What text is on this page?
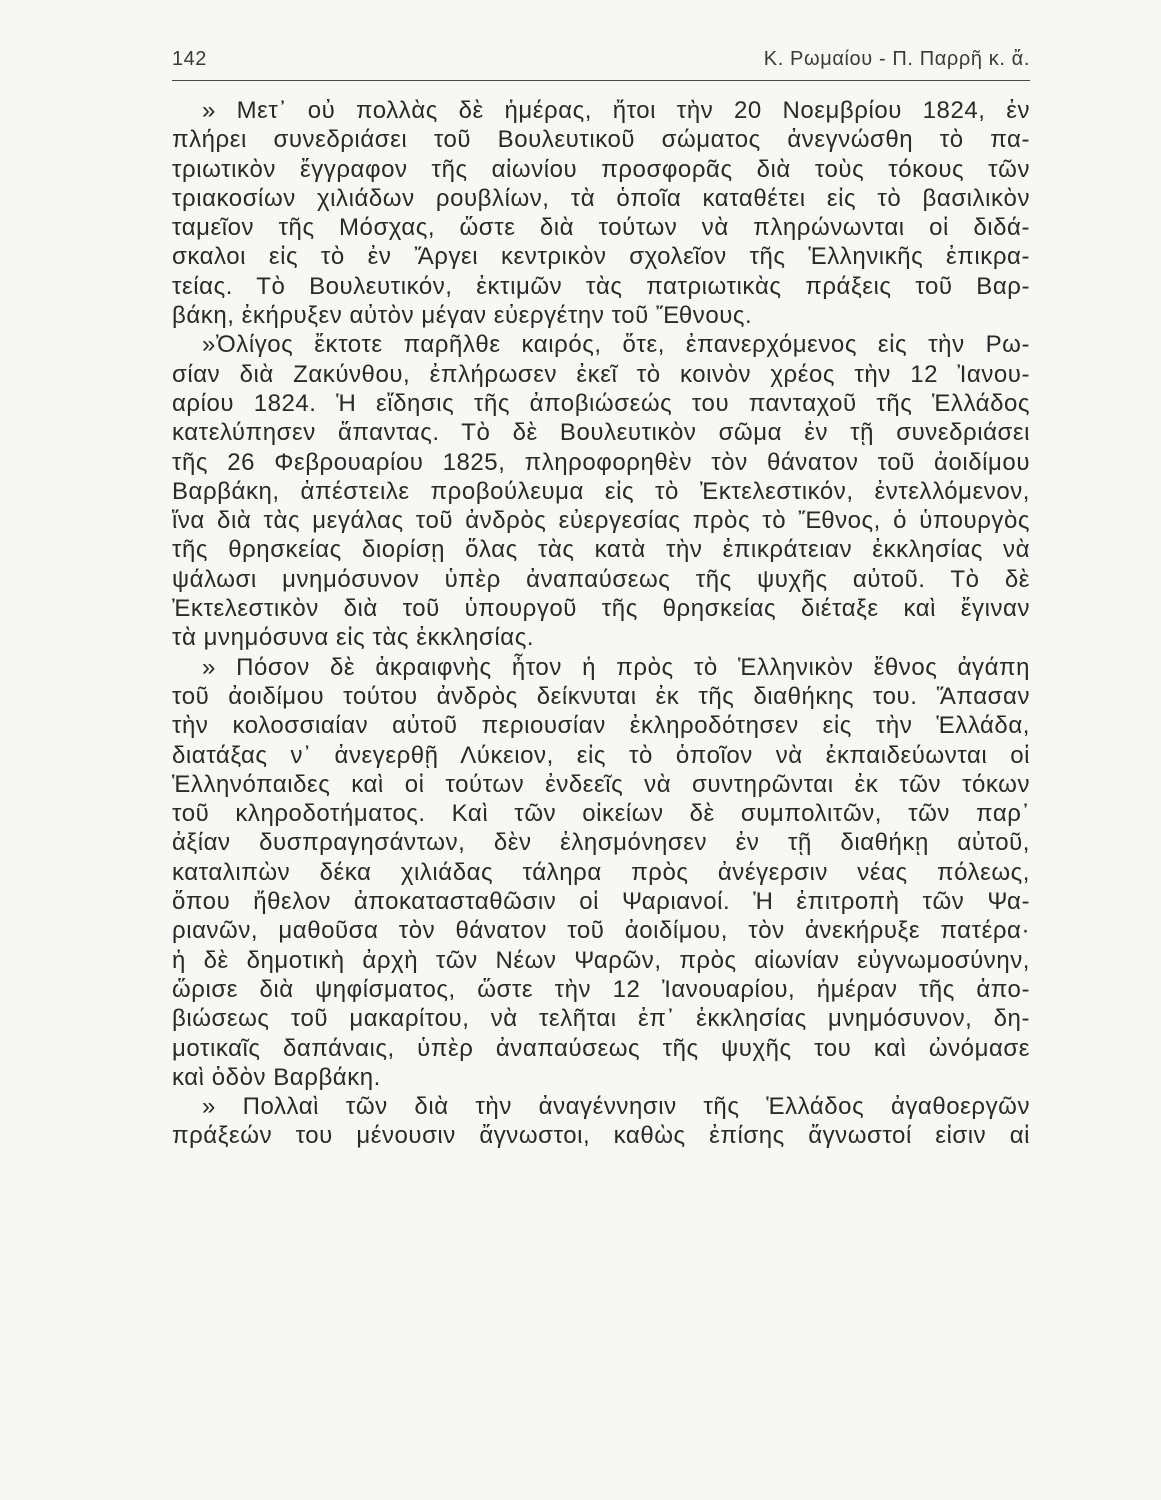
142	Κ. Ρωμαίου - Π. Παρρῆ κ. ἄ.
» Μετ᾿ οὐ πολλὰς δὲ ἡμέρας, ἤτοι τὴν 20 Νοεμβρίου 1824, ἐν
πλήρει συνεδριάσει τοῦ Βουλευτικοῦ σώματος ἀνεγνώσθη τὸ πα-
τριωτικὸν ἔγγραφον τῆς αἰωνίου προσφορᾶς διὰ τοὺς τόκους τῶν
τριακοσίων χιλιάδων ρουβλίων, τὰ ὁποῖα καταθέτει εἰς τὸ βασιλικὸν
ταμεῖον τῆς Μόσχας, ὥστε διὰ τούτων νὰ πληρώνωνται οἱ διδά-
σκαλοι εἰς τὸ ἐν Ἄργει κεντρικὸν σχολεῖον τῆς Ἑλληνικῆς ἐπικρα-
τείας. Τὸ Βουλευτικόν, ἐκτιμῶν τὰς πατριωτικὰς πράξεις τοῦ Βαρ-
βάκη, ἐκήρυξεν αὐτὸν μέγαν εὐεργέτην τοῦ Ἔθνους.
»Ὀλίγος ἔκτοτε παρῆλθε καιρός, ὅτε, ἐπανερχόμενος εἰς τὴν Ρω-
σίαν διὰ Ζακύνθου, ἐπλήρωσεν ἐκεῖ τὸ κοινὸν χρέος τὴν 12 Ἰανου-
αρίου 1824. Ἡ εἴδησις τῆς ἀποβιώσεώς του πανταχοῦ τῆς Ἑλλάδος
κατελύπησεν ἅπαντας. Τὸ δὲ Βουλευτικὸν σῶμα ἐν τῇ συνεδριάσει
τῆς 26 Φεβρουαρίου 1825, πληροφορηθὲν τὸν θάνατον τοῦ ἀοιδίμου
Βαρβάκη, ἀπέστειλε προβούλευμα εἰς τὸ Ἐκτελεστικόν, ἐντελλόμενον,
ἵνα διὰ τὰς μεγάλας τοῦ ἀνδρὸς εὐεργεσίας πρὸς τὸ Ἔθνος, ὁ ὑπουργὸς
τῆς θρησκείας διορίσῃ ὅλας τὰς κατὰ τὴν ἐπικράτειαν ἐκκλησίας νὰ
ψάλωσι μνημόσυνον ὑπὲρ ἀναπαύσεως τῆς ψυχῆς αὐτοῦ. Τὸ δὲ
Ἐκτελεστικὸν διὰ τοῦ ὑπουργοῦ τῆς θρησκείας διέταξε καὶ ἔγιναν
τὰ μνημόσυνα εἰς τὰς ἐκκλησίας.
» Πόσον δὲ ἀκραιφνὴς ἦτον ἡ πρὸς τὸ Ἑλληνικὸν ἔθνος ἀγάπη
τοῦ ἀοιδίμου τούτου ἀνδρὸς δείκνυται ἐκ τῆς διαθήκης του. Ἅπασαν
τὴν κολοσσιαίαν αὐτοῦ περιουσίαν ἐκληροδότησεν εἰς τὴν Ἑλλάδα,
διατάξας ν᾿ ἀνεγερθῇ Λύκειον, εἰς τὸ ὁποῖον νὰ ἐκπαιδεύωνται οἱ
Ἑλληνόπαιδες καὶ οἱ τούτων ἐνδεεῖς νὰ συντηρῶνται ἐκ τῶν τόκων
τοῦ κληροδοτήματος. Καὶ τῶν οἰκείων δὲ συμπολιτῶν, τῶν παρ᾿
ἀξίαν δυσπραγησάντων, δὲν ἐλησμόνησεν ἐν τῇ διαθήκῃ αὐτοῦ,
καταλιπὼν δέκα χιλιάδας τάληρα πρὸς ἀνέγερσιν νέας πόλεως,
ὅπου ἤθελον ἀποκατασταθῶσιν οἱ Ψαριανοί. Ἡ ἐπιτροπὴ τῶν Ψα-
ριανῶν, μαθοῦσα τὸν θάνατον τοῦ ἀοιδίμου, τὸν ἀνεκήρυξε πατέρα·
ἡ δὲ δημοτικὴ ἀρχὴ τῶν Νέων Ψαρῶν, πρὸς αἰωνίαν εὐγνωμοσύνην,
ὥρισε διὰ ψηφίσματος, ὥστε τὴν 12 Ἰανουαρίου, ἡμέραν τῆς ἀπο-
βιώσεως τοῦ μακαρίτου, νὰ τελῆται ἐπ᾿ ἐκκλησίας μνημόσυνον, δη-
μοτικαῖς δαπάναις, ὑπὲρ ἀναπαύσεως τῆς ψυχῆς του καὶ ὠνόμασε
καὶ ὁδὸν Βαρβάκη.
» Πολλαὶ τῶν διὰ τὴν ἀναγέννησιν τῆς Ἑλλάδος ἀγαθοεργῶν
πράξεών του μένουσιν ἄγνωστοι, καθὼς ἐπίσης ἄγνωστοί εἰσιν αἱ
